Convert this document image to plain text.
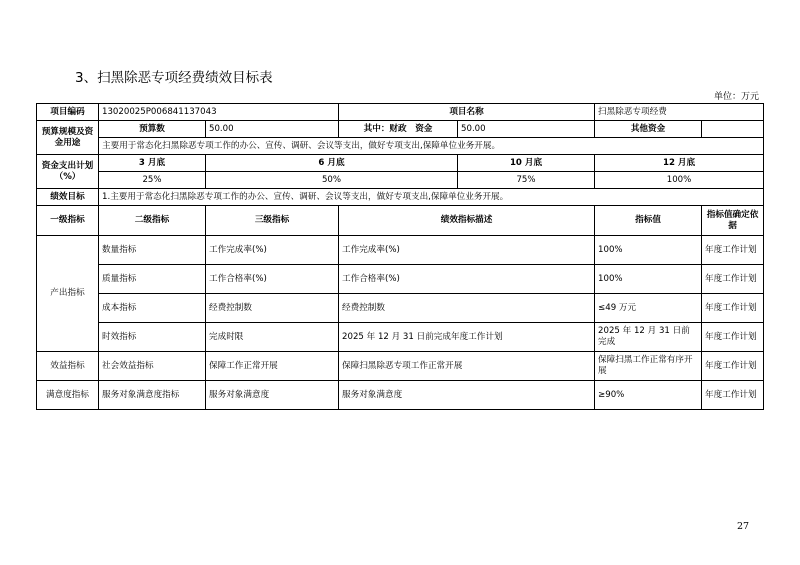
3、扫黑除恶专项经费绩效目标表
单位：万元
项目编码	13020025P006841137043		项目名称		扫黑除恶专项经费	
预算规模及资金用途	预算数	50.00	其中：财政　资金	50.00	其他资金	
	主要用于常态化扫黑除恶专项工作的办公、宣传、调研、会议等支出，做好专项支出,保障单位业务开展。					
资金支出计划（%）	3 月底	6 月底		10 月底	12 月底	
	25%	50%		75%	100%	
绩效目标	1.主要用于常态化扫黑除恶专项工作的办公、宣传、调研、会议等支出，做好专项支出,保障单位业务开展。					
一级指标	二级指标	三级指标	绩效指标描述		指标值	指标值确定依据
产出指标	数量指标	工作完成率(%)	工作完成率(%)		100%	年度工作计划
	质量指标	工作合格率(%)	工作合格率(%)		100%	年度工作计划
	成本指标	经费控制数	经费控制数		≤49 万元	年度工作计划
	时效指标	完成时限	2025 年 12 月 31 日前完成年度工作计划		2025 年 12 月 31 日前完成	年度工作计划
效益指标	社会效益指标	保障工作正常开展	保障扫黑除恶专项工作正常开展		保障扫黑工作正常有序开展	年度工作计划
满意度指标	服务对象满意度指标	服务对象满意度	服务对象满意度		≥90%	年度工作计划
27
